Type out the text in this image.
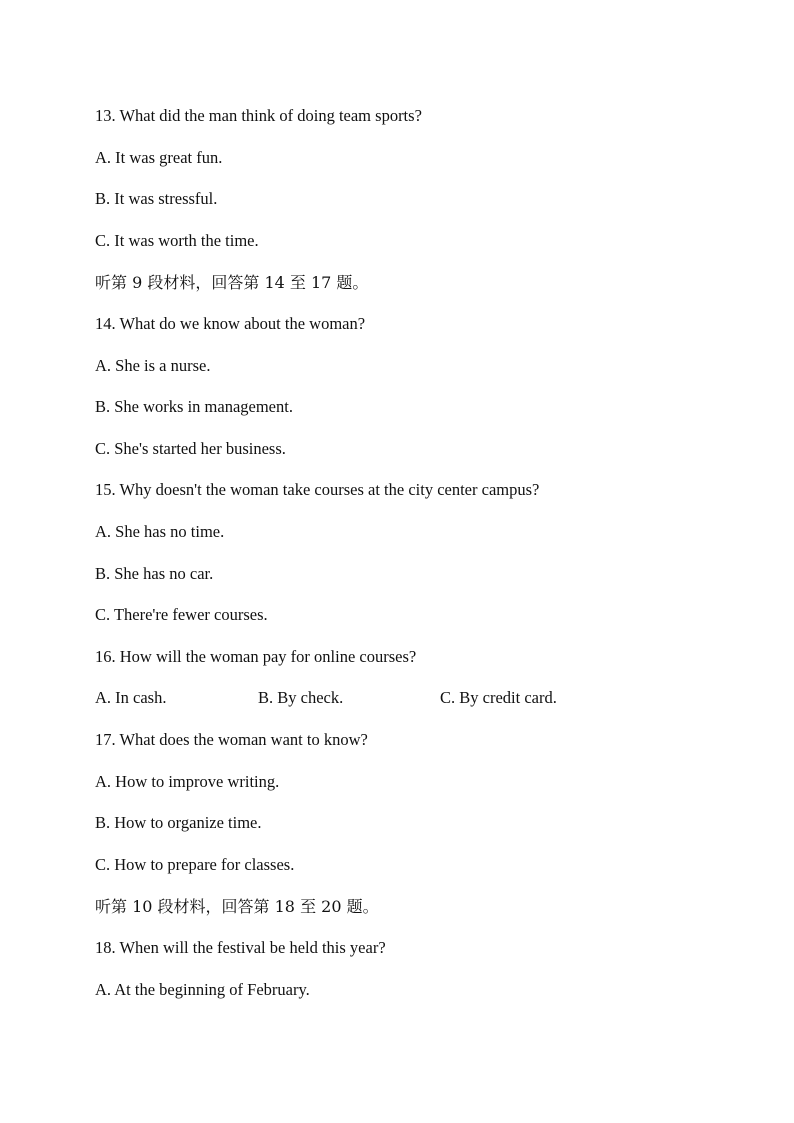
13. What did the man think of doing team sports?
A. It was great fun.
B. It was stressful.
C. It was worth the time.
听第 9 段材料，回答第 14 至 17 题。
14. What do we know about the woman?
A. She is a nurse.
B. She works in management.
C. She's started her business.
15. Why doesn't the woman take courses at the city center campus?
A. She has no time.
B. She has no car.
C. There're fewer courses.
16. How will the woman pay for online courses?
A. In cash.	B. By check.	C. By credit card.
17. What does the woman want to know?
A. How to improve writing.
B. How to organize time.
C. How to prepare for classes.
听第 10 段材料，回答第 18 至 20 题。
18. When will the festival be held this year?
A. At the beginning of February.
